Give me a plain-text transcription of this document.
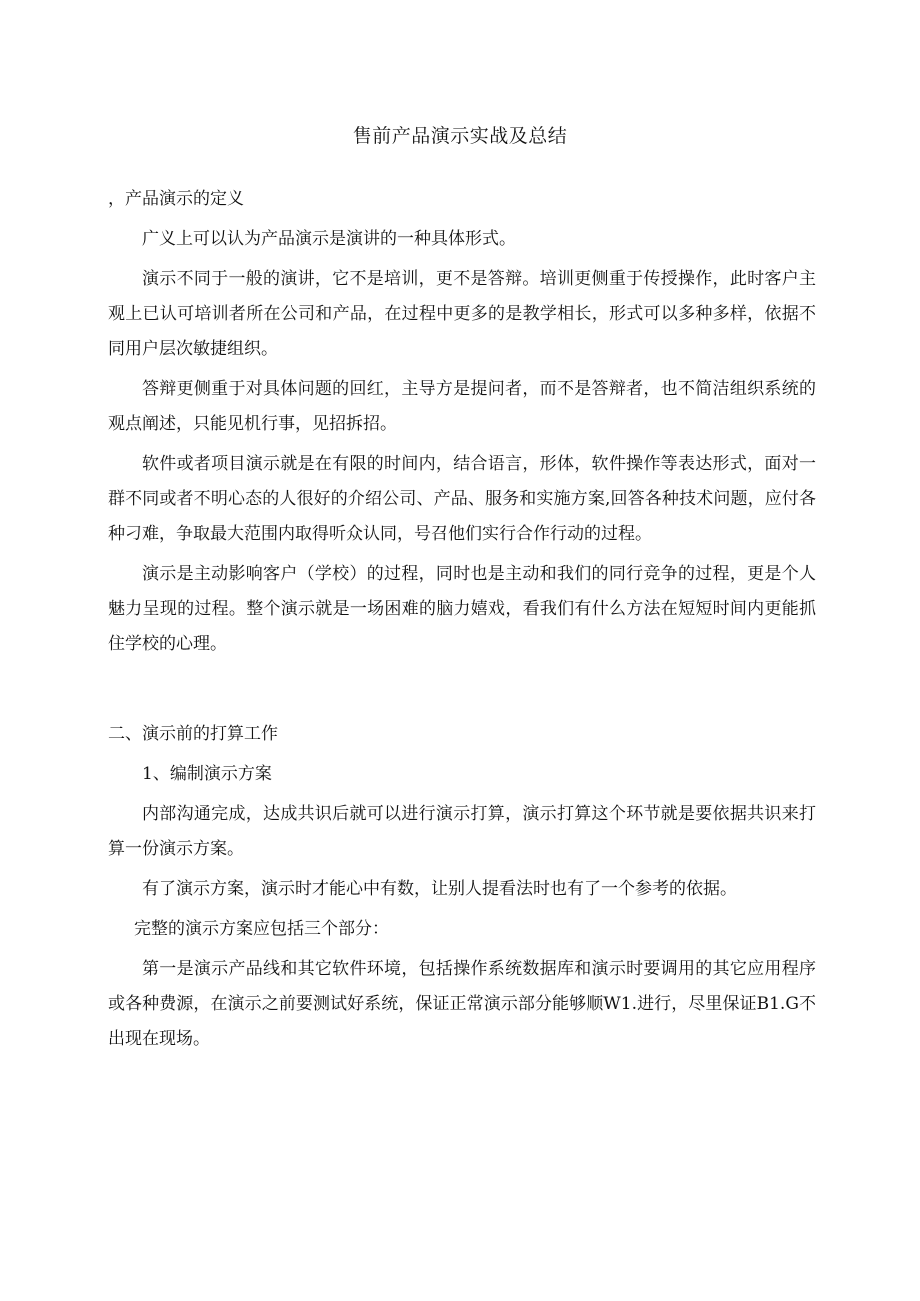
售前产品演示实战及总结

，产品演示的定义

广义上可以认为产品演示是演讲的一种具体形式。

演示不同于一般的演讲，它不是培训，更不是答辩。培训更侧重于传授操作，此时客户主观上已认可培训者所在公司和产品，在过程中更多的是教学相长，形式可以多种多样，依据不同用户层次敏捷组织。

答辩更侧重于对具体问题的回红，主导方是提问者，而不是答辩者，也不简洁组织系统的观点阐述，只能见机行事，见招拆招。

软件或者项目演示就是在有限的时间内，结合语言，形体，软件操作等表达形式，面对一群不同或者不明心态的人很好的介绍公司、产品、服务和实施方案,回答各种技术问题，应付各种刁难，争取最大范围内取得听众认同，号召他们实行合作行动的过程。

演示是主动影响客户（学校）的过程，同时也是主动和我们的同行竞争的过程，更是个人魅力呈现的过程。整个演示就是一场困难的脑力嬉戏，看我们有什么方法在短短时间内更能抓住学校的心理。

二、演示前的打算工作

1、编制演示方案

内部沟通完成，达成共识后就可以进行演示打算，演示打算这个环节就是要依据共识来打算一份演示方案。

有了演示方案，演示时才能心中有数，让别人提看法时也有了一个参考的依据。

完整的演示方案应包括三个部分：

第一是演示产品线和其它软件环境，包括操作系统数据库和演示时要调用的其它应用程序或各种费源，在演示之前要测试好系统，保证正常演示部分能够顺W1.进行，尽里保证B1.G不出现在现场。
